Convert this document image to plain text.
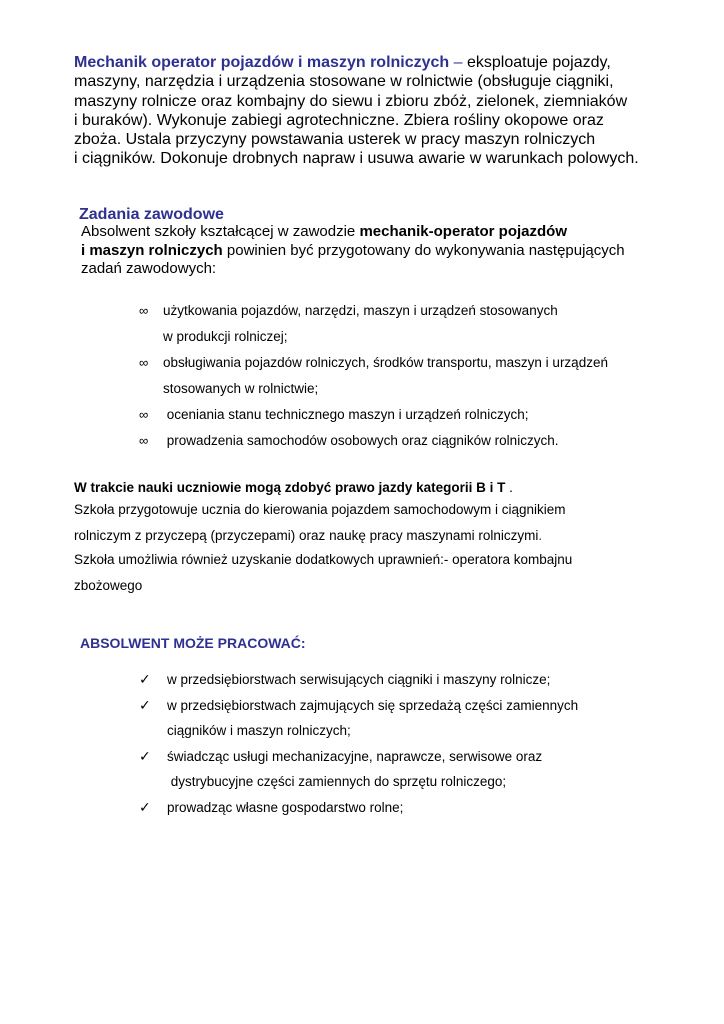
Mechanik operator pojazdów i maszyn rolniczych – eksploatuje pojazdy,
maszyny, narzędzia i urządzenia stosowane w rolnictwie (obsługuje ciągniki,
maszyny rolnicze oraz kombajny do siewu i zbioru zbóż, zielonek, ziemniaków
i buraków). Wykonuje zabiegi agrotechniczne. Zbiera rośliny okopowe oraz
zboża. Ustala przyczyny powstawania usterek w pracy maszyn rolniczych
i ciągników. Dokonuje drobnych napraw i usuwa awarie w warunkach polowych.

Zadania zawodowe

Absolwent szkoły kształcącej w zawodzie mechanik-operator pojazdów
i maszyn rolniczych powinien być przygotowany do wykonywania następujących
zadań zawodowych:

∞ użytkowania pojazdów, narzędzi, maszyn i urządzeń stosowanych
w produkcji rolniczej;
∞ obsługiwania pojazdów rolniczych, środków transportu, maszyn i urządzeń
stosowanych w rolnictwie;
∞ oceniania stanu technicznego maszyn i urządzeń rolniczych;
∞ prowadzenia samochodów osobowych oraz ciągników rolniczych.

W trakcie nauki uczniowie mogą zdobyć prawo jazdy kategorii B i T .

Szkoła przygotowuje ucznia do kierowania pojazdem samochodowym i ciągnikiem
rolniczym z przyczepą (przyczepami) oraz naukę pracy maszynami rolniczymi.

Szkoła umożliwia również uzyskanie dodatkowych uprawnień:- operatora kombajnu
zbożowego

ABSOLWENT MOŻE PRACOWAĆ:
✓ w przedsiębiorstwach serwisujących ciągniki i maszyny rolnicze;
✓ w przedsiębiorstwach zajmujących się sprzedażą części zamiennych
ciągników i maszyn rolniczych;
✓ świadcząc usługi mechanizacyjne, naprawcze, serwisowe oraz
dystrybucyjne części zamiennych do sprzętu rolniczego;
✓ prowadząc własne gospodarstwo rolne;
